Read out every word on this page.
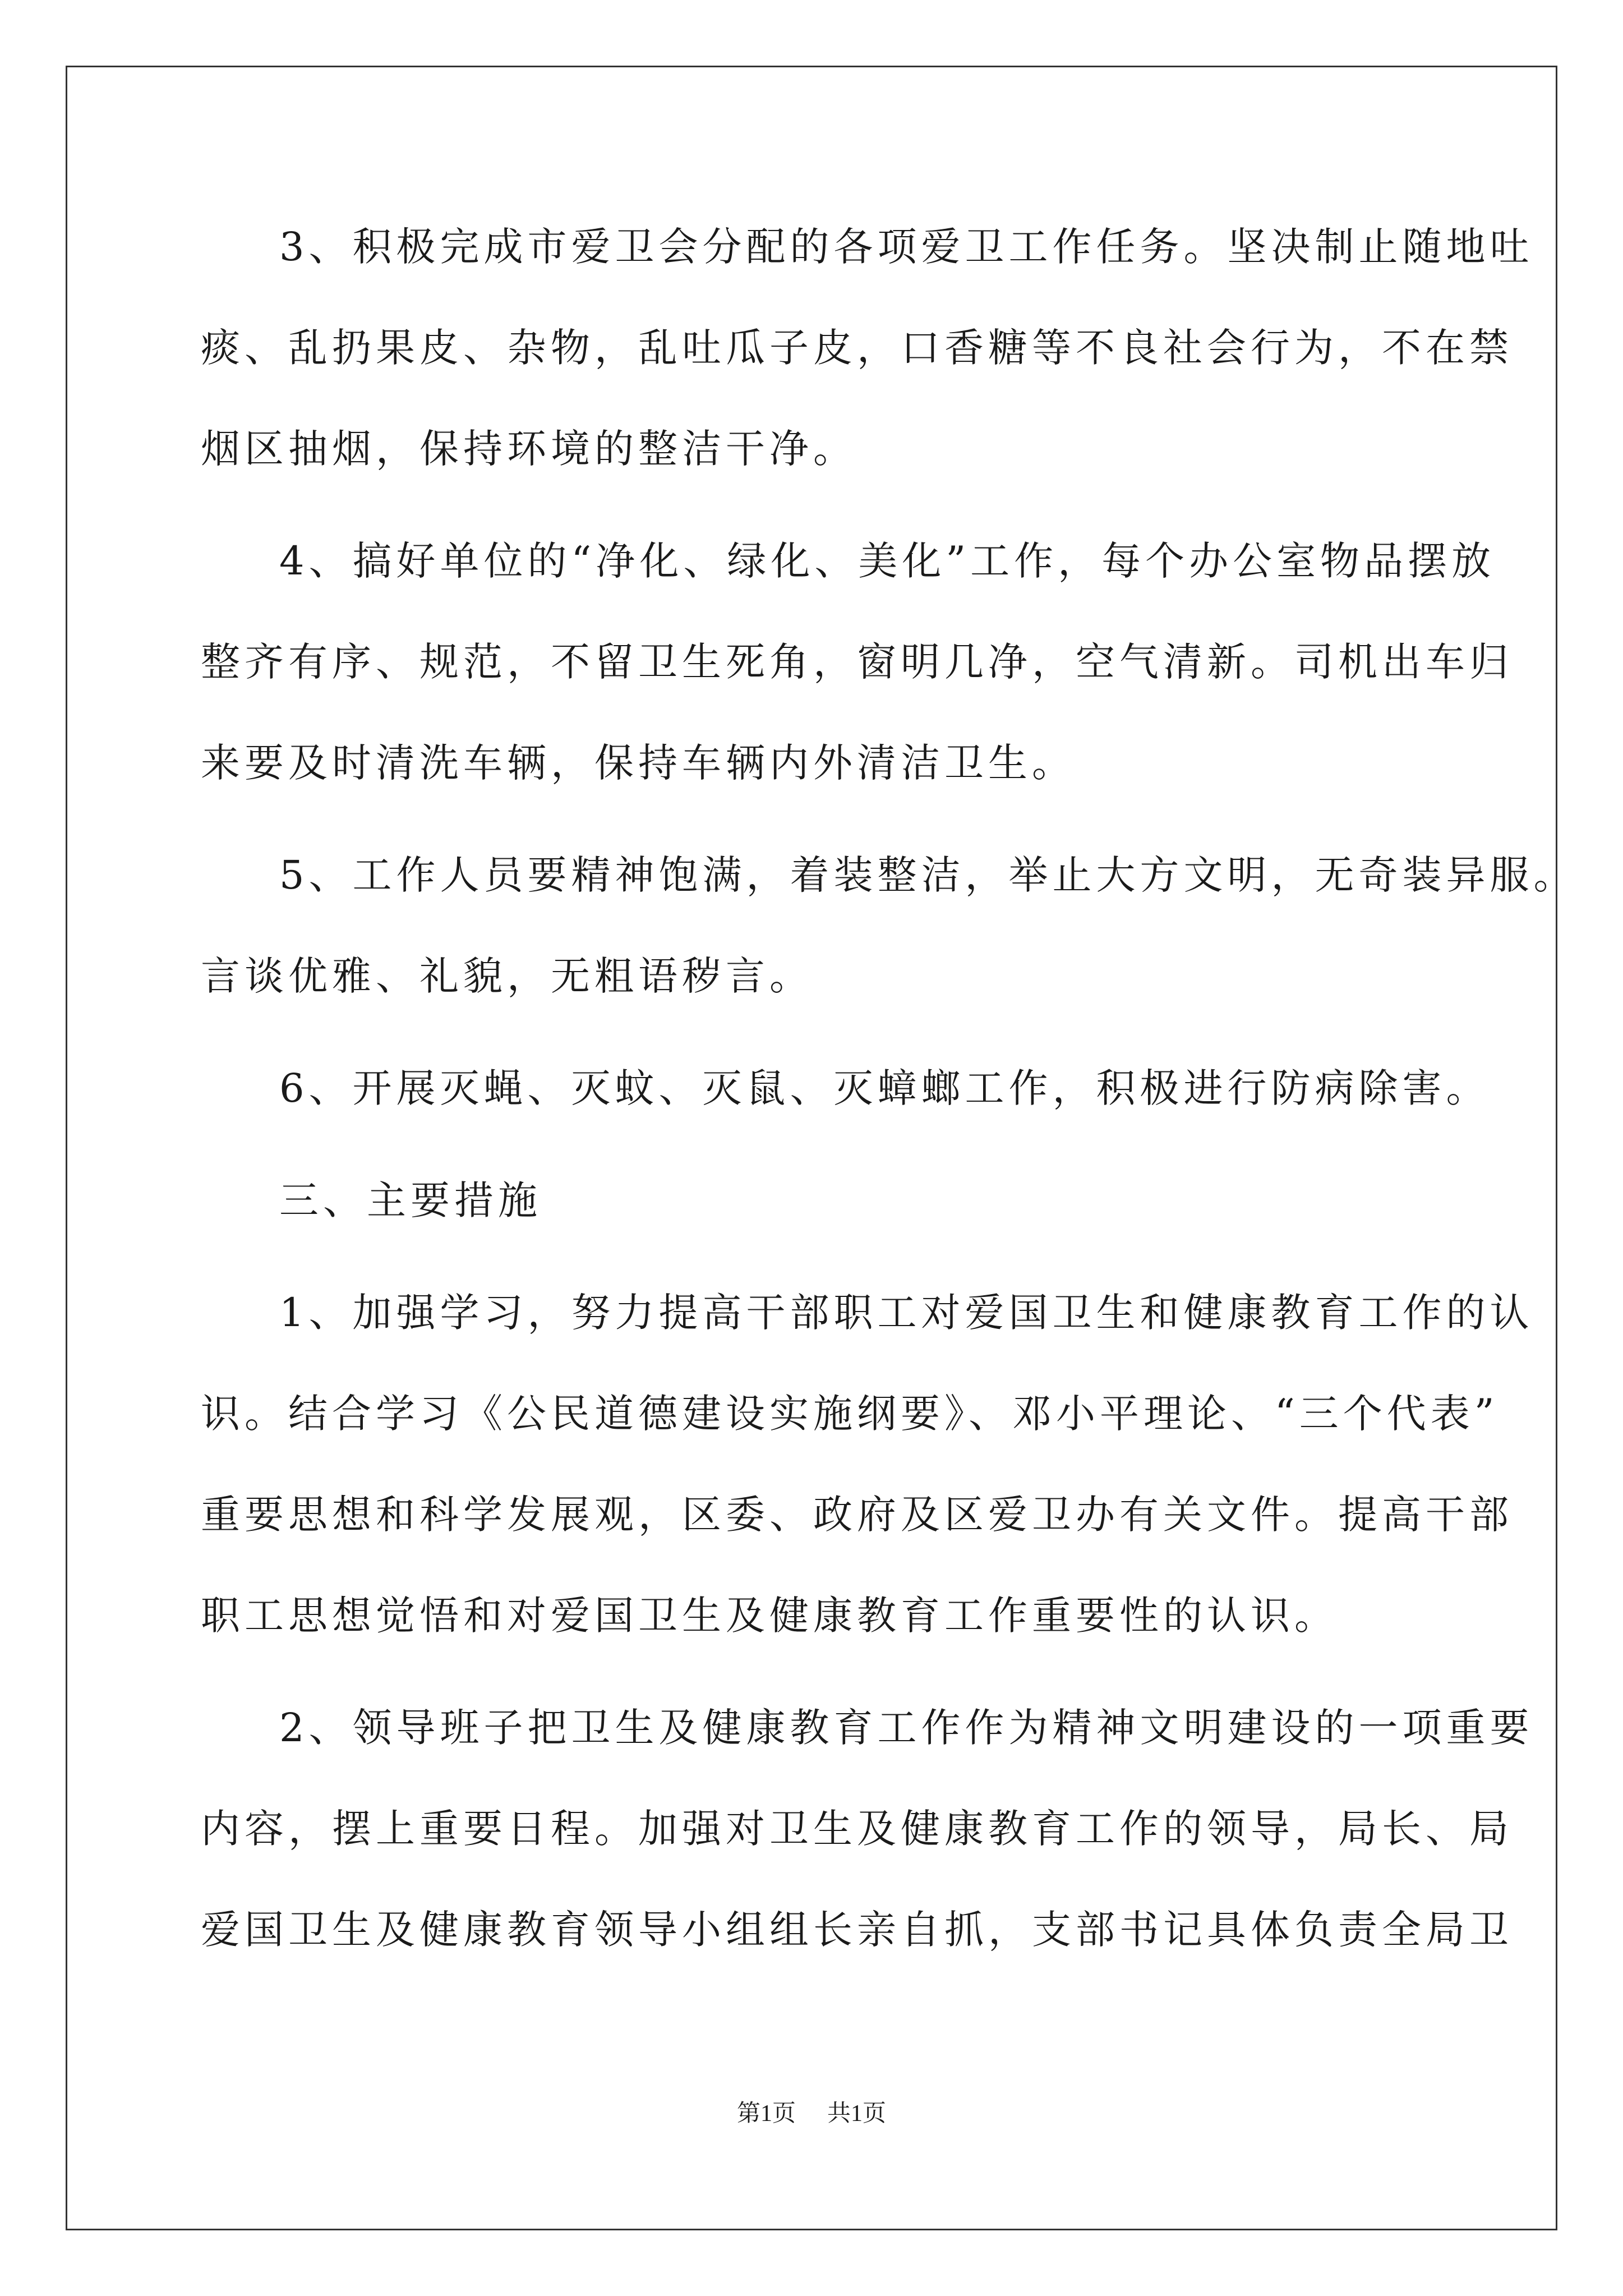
3、积极完成市爱卫会分配的各项爱卫工作任务。坚决制止随地吐
痰、乱扔果皮、杂物，乱吐瓜子皮，口香糖等不良社会行为，不在禁
烟区抽烟，保持环境的整洁干净。
4、搞好单位的“净化、绿化、美化”工作，每个办公室物品摆放
整齐有序、规范，不留卫生死角，窗明几净，空气清新。司机出车归
来要及时清洗车辆，保持车辆内外清洁卫生。
5、工作人员要精神饱满，着装整洁，举止大方文明，无奇装异服。
言谈优雅、礼貌，无粗语秽言。
6、开展灭蝇、灭蚊、灭鼠、灭蟑螂工作，积极进行防病除害。
三、主要措施
1、加强学习，努力提高干部职工对爱国卫生和健康教育工作的认
识。结合学习《公民道德建设实施纲要》、邓小平理论、“三个代表”
重要思想和科学发展观，区委、政府及区爱卫办有关文件。提高干部
职工思想觉悟和对爱国卫生及健康教育工作重要性的认识。
2、领导班子把卫生及健康教育工作作为精神文明建设的一项重要
内容，摆上重要日程。加强对卫生及健康教育工作的领导，局长、局
爱国卫生及健康教育领导小组组长亲自抓，支部书记具体负责全局卫
第1页 共1页
